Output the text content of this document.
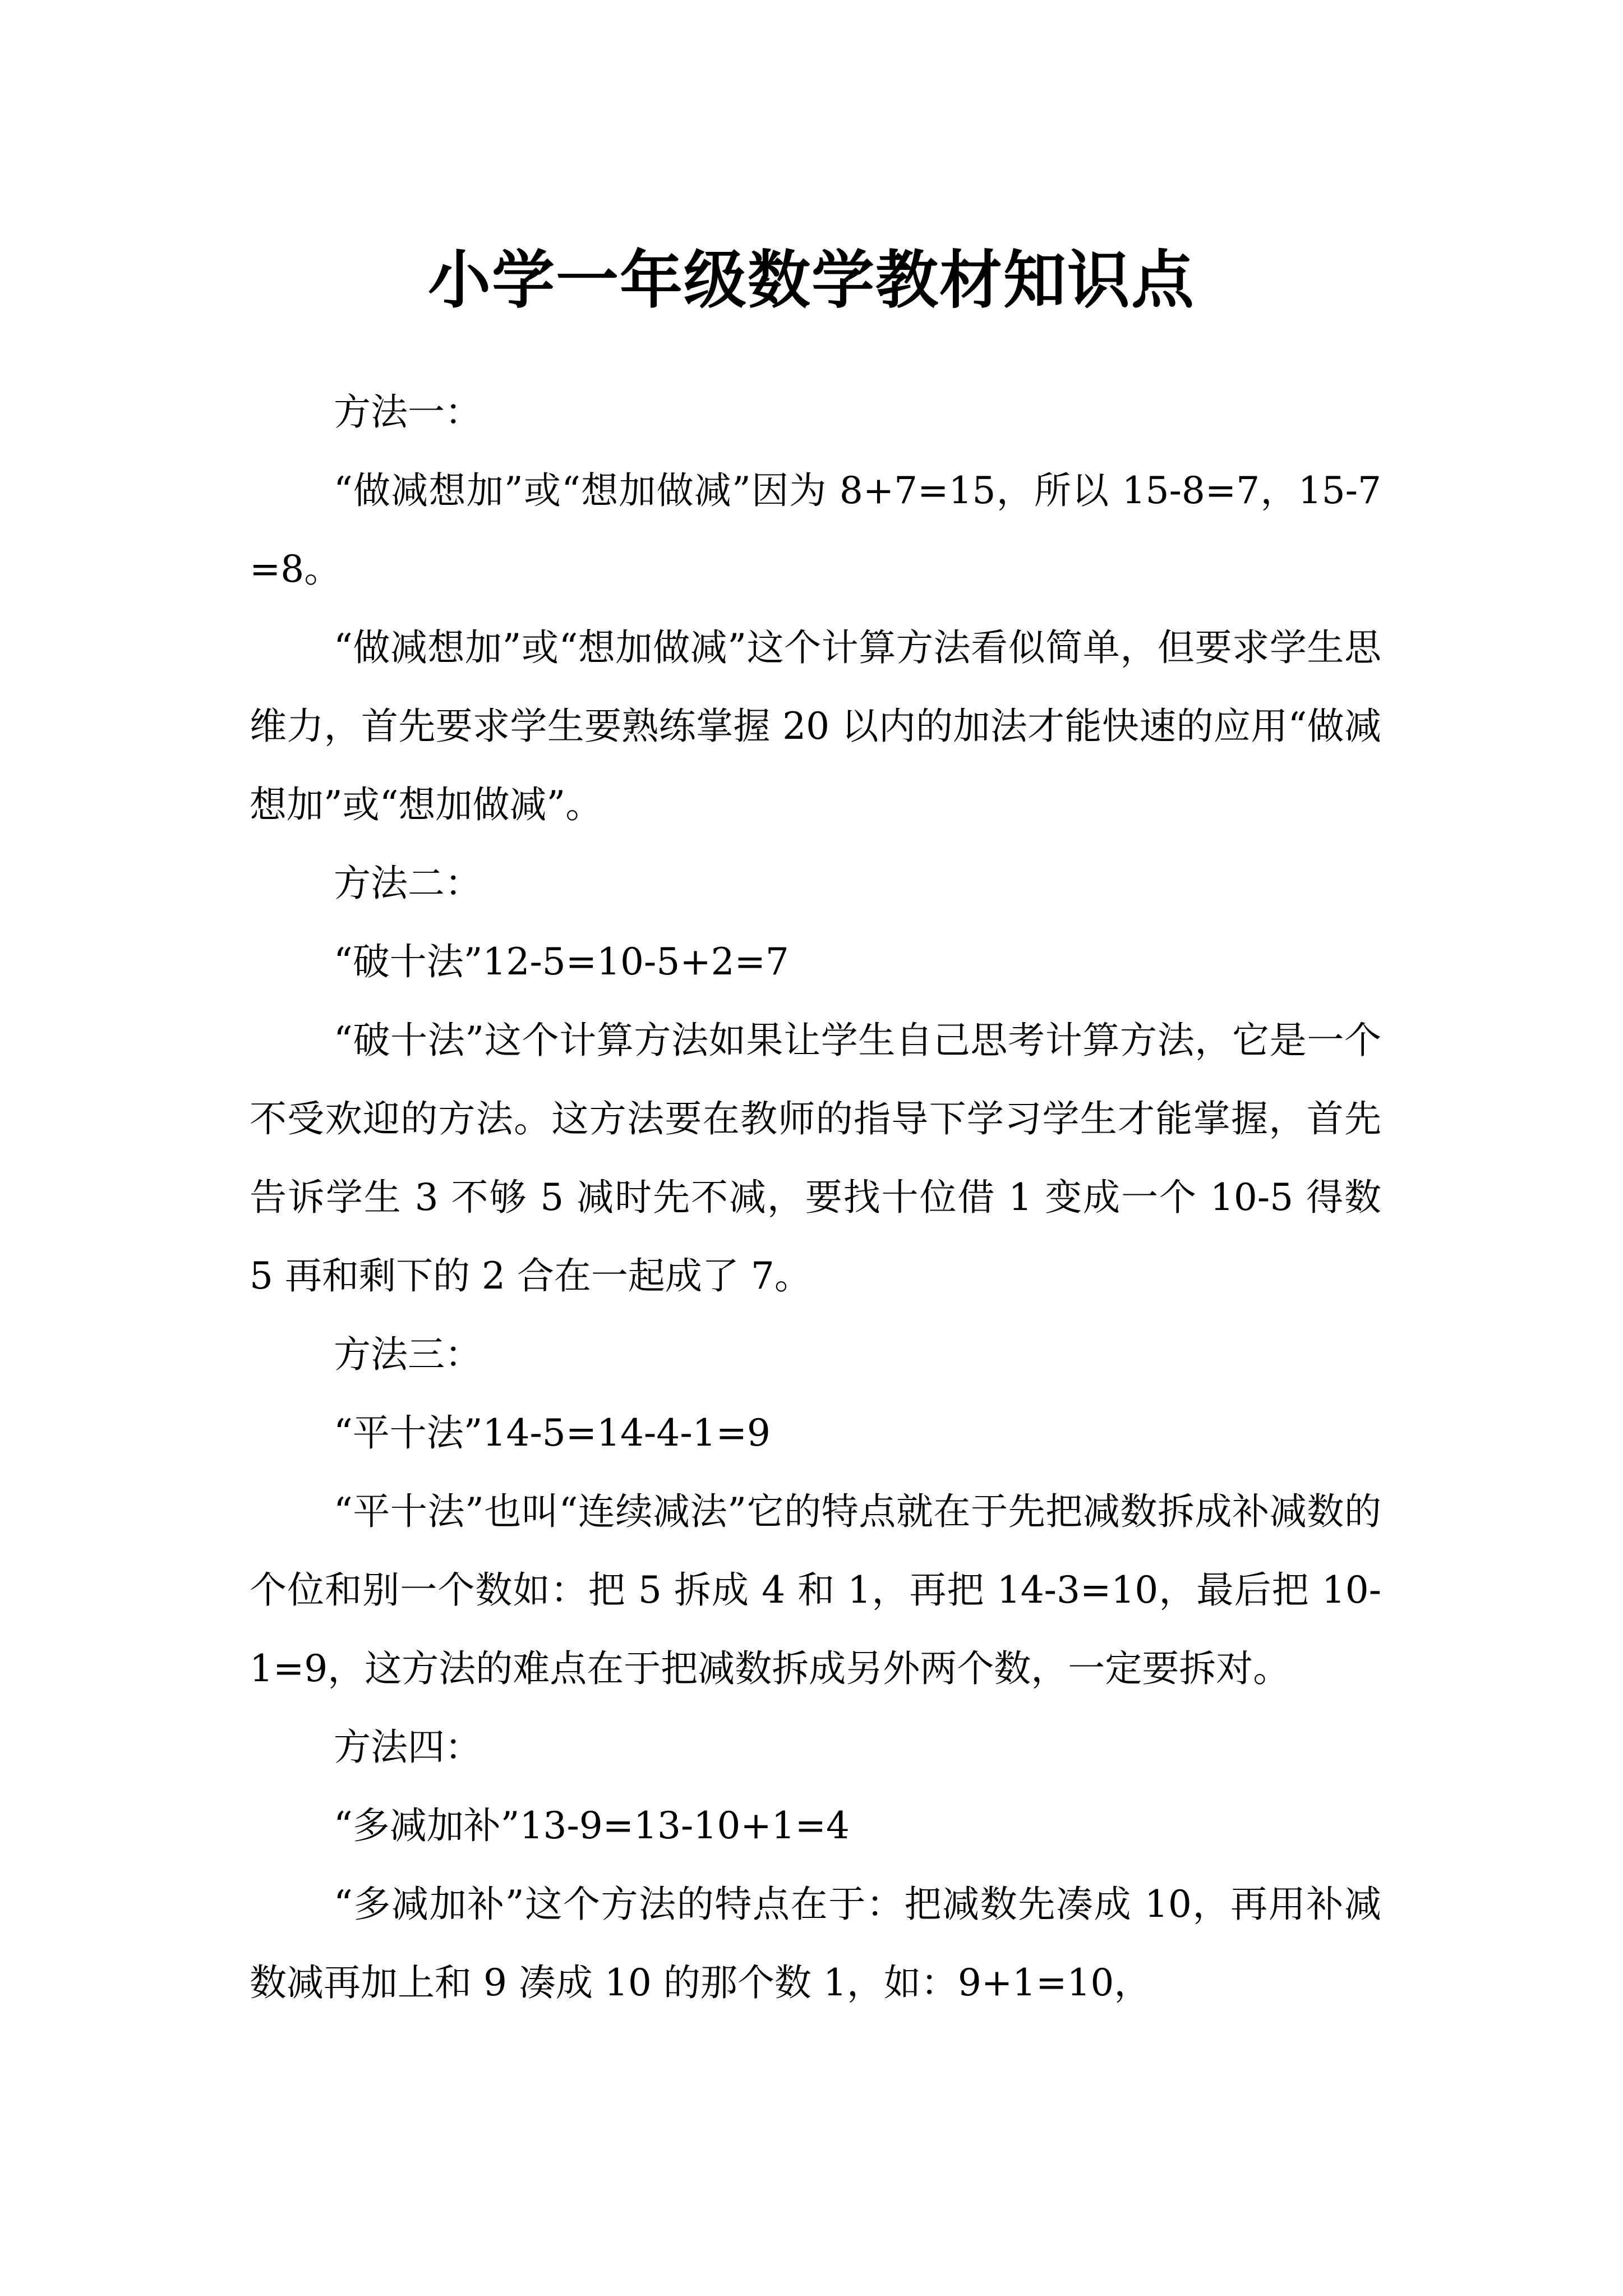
小学一年级数学教材知识点

方法一：

“做减想加”或“想加做减”因为 8+7=15，所以 15-8=7，15-7=8。

“做减想加”或“想加做减”这个计算方法看似简单，但要求学生思维力，首先要求学生要熟练掌握 20 以内的加法才能快速的应用“做减想加”或“想加做减”。

方法二：

“破十法”12-5=10-5+2=7

“破十法”这个计算方法如果让学生自己思考计算方法，它是一个不受欢迎的方法。这方法要在教师的指导下学习学生才能掌握，首先告诉学生 3 不够 5 减时先不减，要找十位借 1 变成一个 10-5 得数 5 再和剩下的 2 合在一起成了 7。

方法三：

“平十法”14-5=14-4-1=9

“平十法”也叫“连续减法”它的特点就在于先把减数拆成补减数的个位和别一个数如：把 5 拆成 4 和 1，再把 14-3=10，最后把 10-1=9，这方法的难点在于把减数拆成另外两个数，一定要拆对。

方法四：

“多减加补”13-9=13-10+1=4

“多减加补”这个方法的特点在于：把减数先凑成 10，再用补减数减再加上和 9 凑成 10 的那个数 1，如：9+1=10，
